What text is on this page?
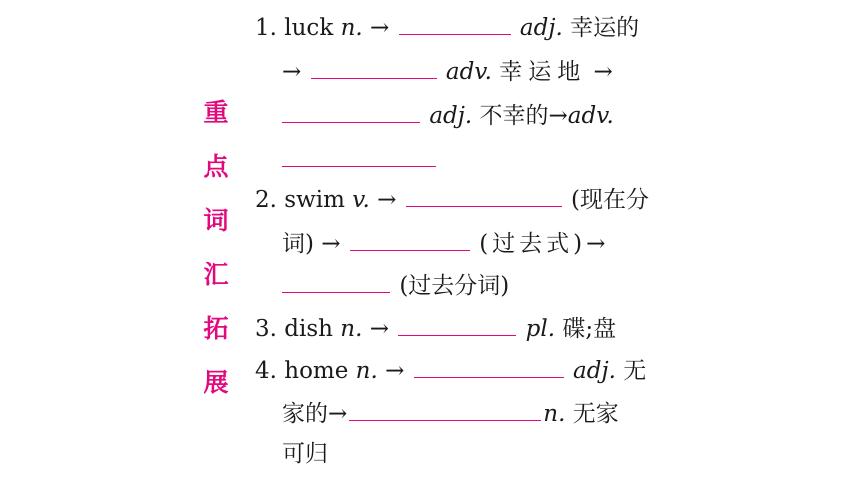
重
点
词
汇
拓
展
1. luck n. →	adj. 幸运的
→	adv. 幸运地 →
adj. 不幸的→adv.
2. swim v. →	(现在分
词) →	(过去式)→
(过去分词)
3. dish n. →	pl. 碟;盘
4. home n. →	adj. 无
家的→	n. 无家
可归
